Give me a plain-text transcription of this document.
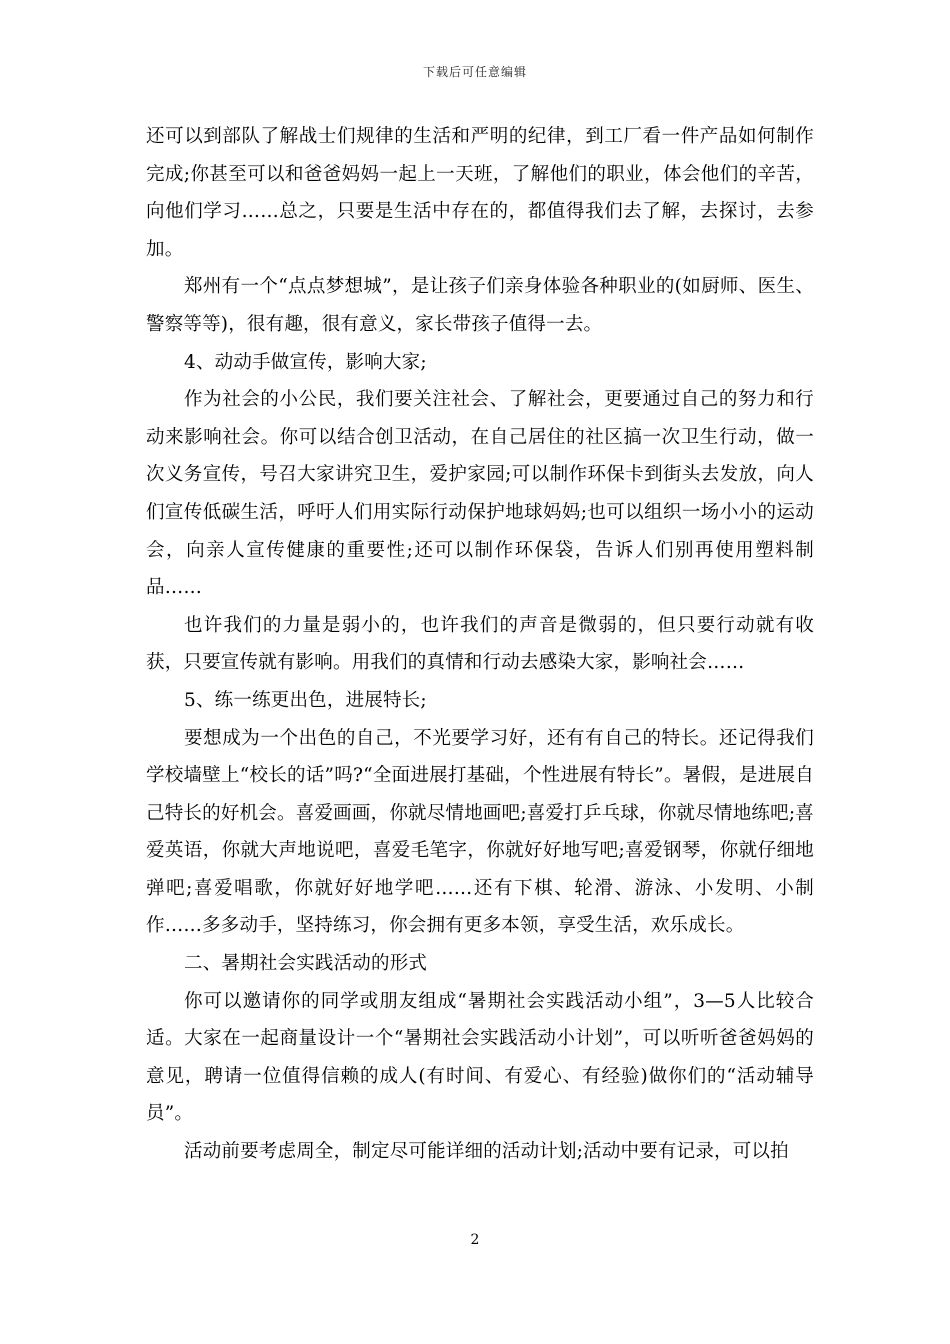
下载后可任意编辑

还可以到部队了解战士们规律的生活和严明的纪律，到工厂看一件产品如何制作完成;你甚至可以和爸爸妈妈一起上一天班，了解他们的职业，体会他们的辛苦，向他们学习……总之，只要是生活中存在的，都值得我们去了解，去探讨，去参加。

郑州有一个“点点梦想城”，是让孩子们亲身体验各种职业的(如厨师、医生、警察等等)，很有趣，很有意义，家长带孩子值得一去。

4、动动手做宣传，影响大家;

作为社会的小公民，我们要关注社会、了解社会，更要通过自己的努力和行动来影响社会。你可以结合创卫活动，在自己居住的社区搞一次卫生行动，做一次义务宣传，号召大家讲究卫生，爱护家园;可以制作环保卡到街头去发放，向人们宣传低碳生活，呼吁人们用实际行动保护地球妈妈;也可以组织一场小小的运动会，向亲人宣传健康的重要性;还可以制作环保袋，告诉人们别再使用塑料制品……

也许我们的力量是弱小的，也许我们的声音是微弱的，但只要行动就有收获，只要宣传就有影响。用我们的真情和行动去感染大家，影响社会……

5、练一练更出色，进展特长;

要想成为一个出色的自己，不光要学习好，还有有自己的特长。还记得我们学校墙壁上“校长的话”吗?“全面进展打基础，个性进展有特长”。暑假，是进展自己特长的好机会。喜爱画画，你就尽情地画吧;喜爱打乒乓球，你就尽情地练吧;喜爱英语，你就大声地说吧，喜爱毛笔字，你就好好地写吧;喜爱钢琴，你就仔细地弹吧;喜爱唱歌，你就好好地学吧……还有下棋、轮滑、游泳、小发明、小制作……多多动手，坚持练习，你会拥有更多本领，享受生活，欢乐成长。

二、暑期社会实践活动的形式

你可以邀请你的同学或朋友组成“暑期社会实践活动小组”，3—5人比较合适。大家在一起商量设计一个“暑期社会实践活动小计划”，可以听听爸爸妈妈的意见，聘请一位值得信赖的成人(有时间、有爱心、有经验)做你们的“活动辅导员”。

活动前要考虑周全，制定尽可能详细的活动计划;活动中要有记录，可以拍

2
